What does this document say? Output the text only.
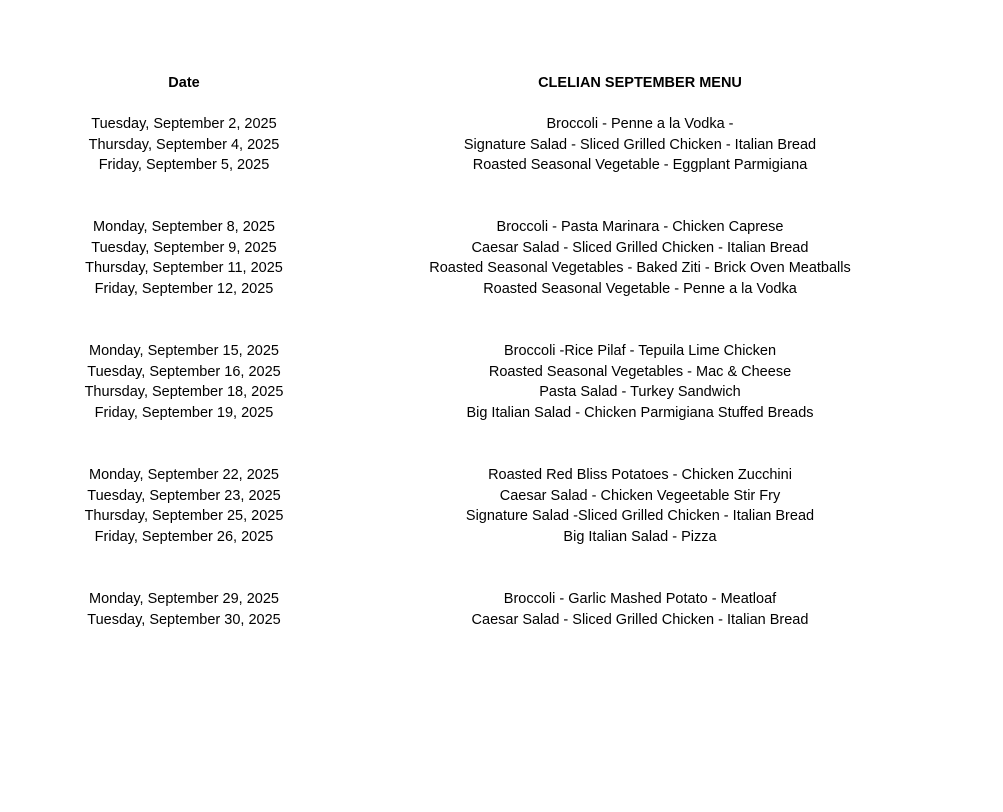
Date	CLELIAN SEPTEMBER MENU
Tuesday, September 2, 2025	Broccoli - Penne a la Vodka -
Thursday, September 4, 2025	Signature Salad - Sliced Grilled Chicken - Italian Bread
Friday, September 5, 2025	Roasted Seasonal Vegetable - Eggplant Parmigiana
Monday, September 8, 2025	Broccoli - Pasta Marinara - Chicken Caprese
Tuesday, September 9, 2025	Caesar Salad - Sliced Grilled Chicken - Italian Bread
Thursday, September 11, 2025	Roasted Seasonal Vegetables - Baked Ziti - Brick Oven Meatballs
Friday, September 12, 2025	Roasted Seasonal Vegetable - Penne a la Vodka
Monday, September 15, 2025	Broccoli -Rice Pilaf - Tepuila Lime Chicken
Tuesday, September 16, 2025	Roasted Seasonal Vegetables - Mac & Cheese
Thursday, September 18, 2025	Pasta Salad - Turkey Sandwich
Friday, September 19, 2025	Big Italian Salad - Chicken Parmigiana Stuffed Breads
Monday, September 22, 2025	Roasted Red Bliss Potatoes - Chicken Zucchini
Tuesday, September 23, 2025	Caesar Salad - Chicken Vegeetable Stir Fry
Thursday, September 25, 2025	Signature Salad -Sliced Grilled Chicken - Italian Bread
Friday, September 26, 2025	Big Italian Salad - Pizza
Monday, September 29, 2025	Broccoli - Garlic Mashed Potato - Meatloaf
Tuesday, September 30, 2025	Caesar Salad - Sliced Grilled Chicken - Italian Bread
